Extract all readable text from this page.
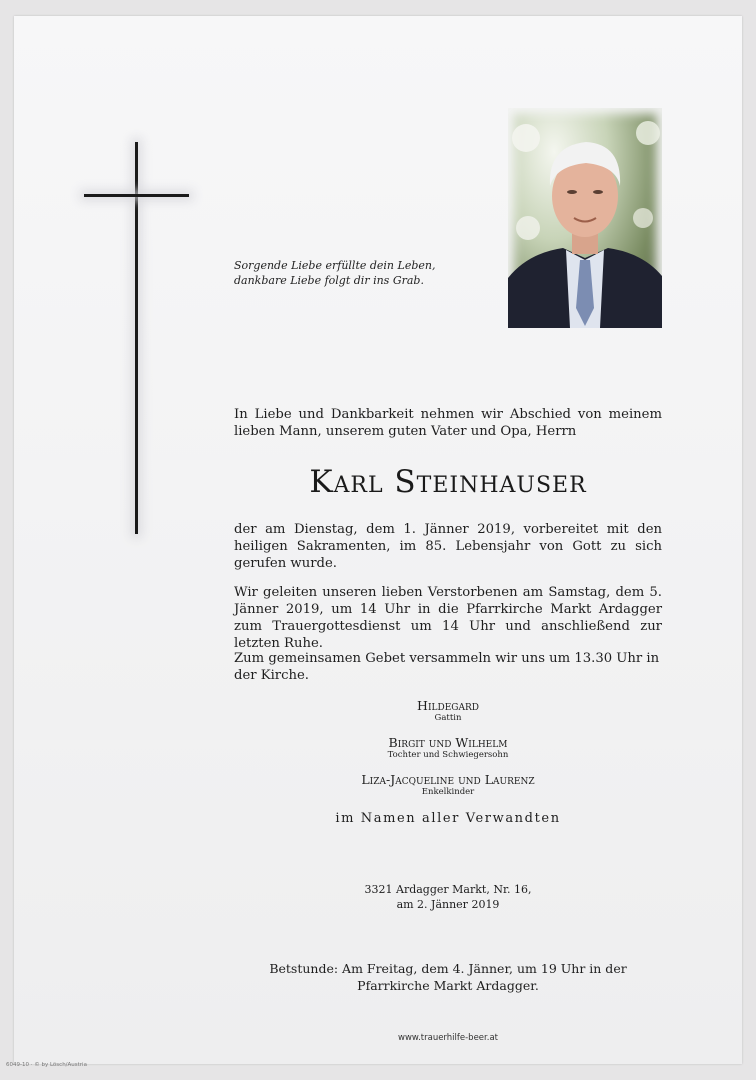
Sorgende Liebe erfüllte dein Leben,
dankbare Liebe folgt dir ins Grab.
In Liebe und Dankbarkeit nehmen wir Abschied von meinem lieben Mann, unserem guten Vater und Opa, Herrn
Karl Steinhauser
der am Dienstag, dem 1. Jänner 2019, vorbereitet mit den heiligen Sakramenten, im 85. Lebensjahr von Gott zu sich gerufen wurde.
Wir geleiten unseren lieben Verstorbenen am Samstag, dem 5. Jänner 2019, um 14 Uhr in die Pfarrkirche Markt Ardagger zum Trauergottesdienst um 14 Uhr und anschließend zur letzten Ruhe.
Zum gemeinsamen Gebet versammeln wir uns um 13.30 Uhr in der Kirche.
Hildegard
Gattin
Birgit und Wilhelm
Tochter und Schwiegersohn
Liza-Jacqueline und Laurenz
Enkelkinder
im Namen aller Verwandten
3321 Ardagger Markt, Nr. 16,
am 2. Jänner 2019
Betstunde: Am Freitag, dem 4. Jänner, um 19 Uhr in der
Pfarrkirche Markt Ardagger.
www.trauerhilfe-beer.at
6049-10 · © by Lösch/Austria
